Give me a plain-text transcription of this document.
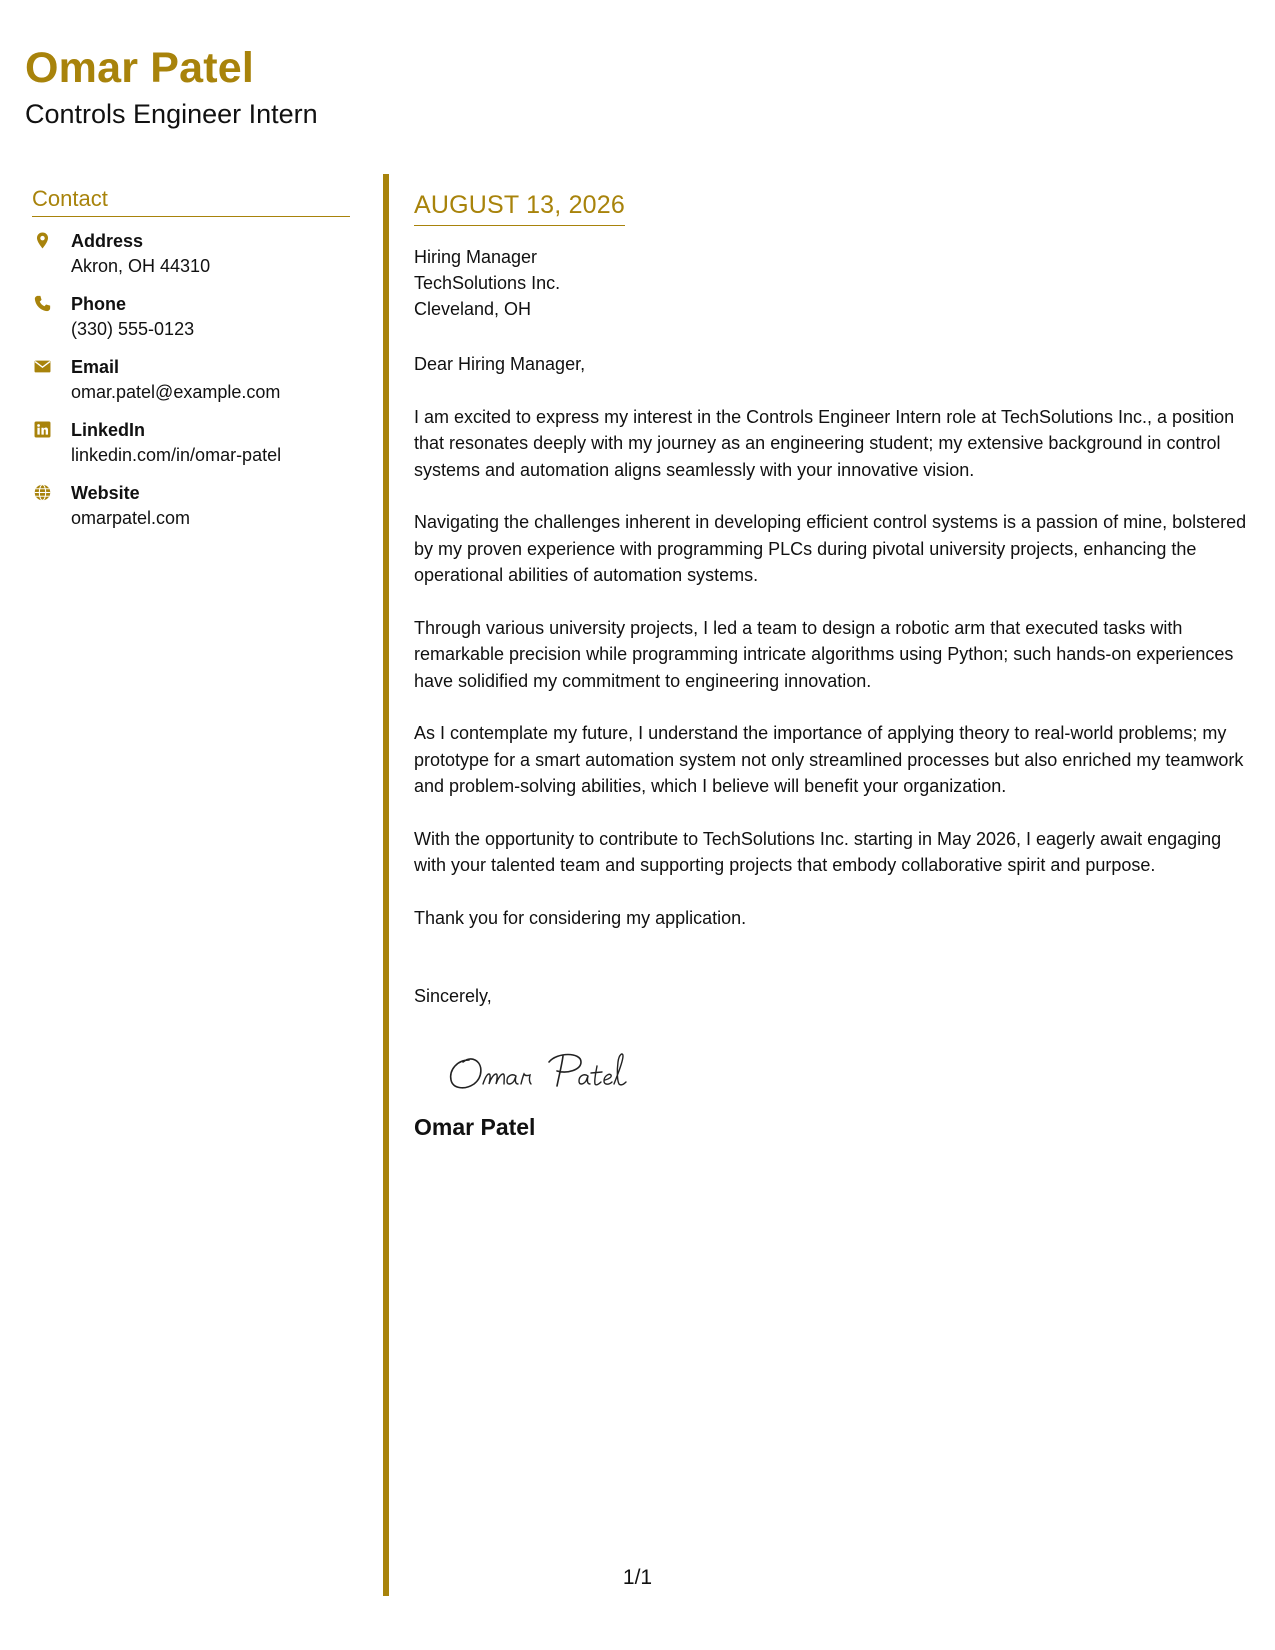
Omar Patel
Controls Engineer Intern
Contact
Address
Akron, OH 44310
Phone
(330) 555-0123
Email
omar.patel@example.com
LinkedIn
linkedin.com/in/omar-patel
Website
omarpatel.com
AUGUST 13, 2026
Hiring Manager
TechSolutions Inc.
Cleveland, OH
Dear Hiring Manager,

I am excited to express my interest in the Controls Engineer Intern role at TechSolutions Inc., a position that resonates deeply with my journey as an engineering student; my extensive background in control systems and automation aligns seamlessly with your innovative vision.

Navigating the challenges inherent in developing efficient control systems is a passion of mine, bolstered by my proven experience with programming PLCs during pivotal university projects, enhancing the operational abilities of automation systems.

Through various university projects, I led a team to design a robotic arm that executed tasks with remarkable precision while programming intricate algorithms using Python; such hands-on experiences have solidified my commitment to engineering innovation.

As I contemplate my future, I understand the importance of applying theory to real-world problems; my prototype for a smart automation system not only streamlined processes but also enriched my teamwork and problem-solving abilities, which I believe will benefit your organization.

With the opportunity to contribute to TechSolutions Inc. starting in May 2026, I eagerly await engaging with your talented team and supporting projects that embody collaborative spirit and purpose.

Thank you for considering my application.

Sincerely,
Omar Patel
1/1
